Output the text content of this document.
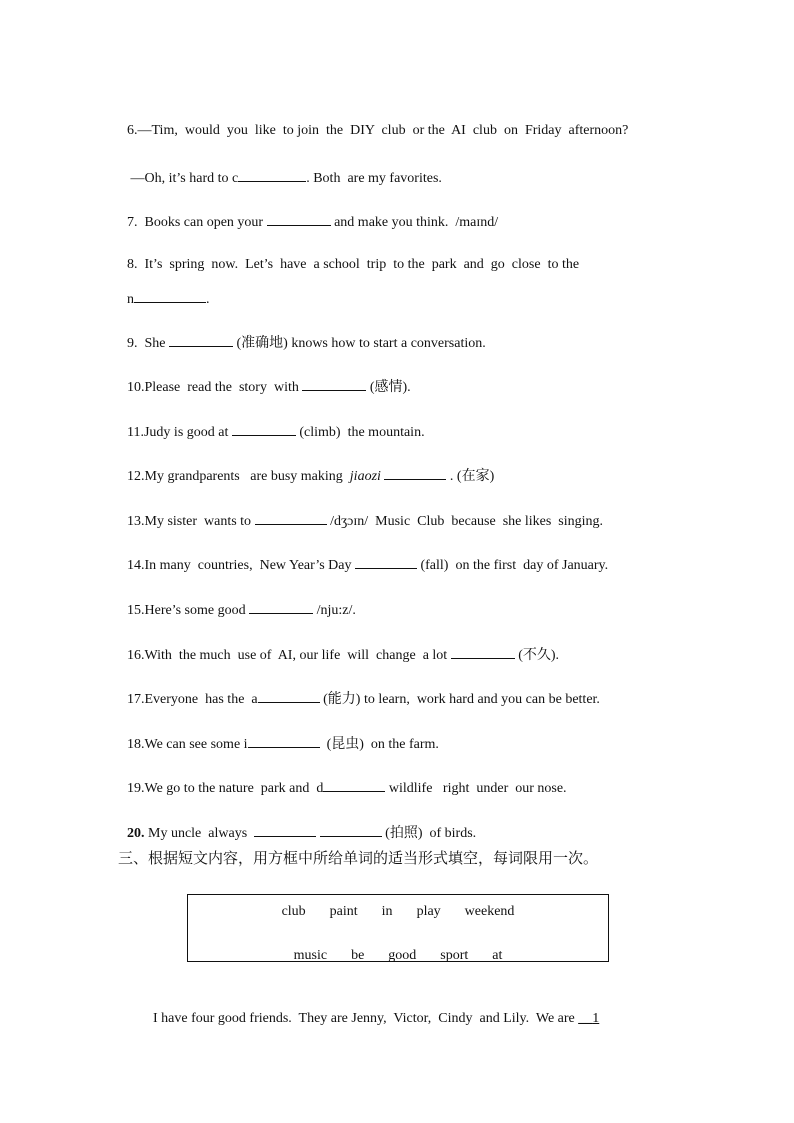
6.—Tim,  would  you  like  to join  the  DIY  club  or the  AI  club  on  Friday  afternoon?

—Oh, it’s hard to c	. Both  are my favorites.

7.  Books can open your	and make you think.  /maɪnd/

8.  It’s  spring  now.  Let’s  have  a school  trip  to the  park  and  go  close  to the

n	.

9.  She	(准确地) knows how to start a conversation.

10.Please  read the  story  with	(感情).

11.Judy is good at	(climb)  the mountain.

12.My grandparents   are busy making  jiaozi	. (在家)

13.My sister  wants to	/dʒɔɪn/  Music  Club  because  she likes  singing.

14.In many  countries,  New Year’s Day	(fall)  on the first  day of January.

15.Here’s some good	/nju:z/.

16.With  the much  use of  AI, our life  will  change  a lot	(不久).

17.Everyone  has the  a	(能力) to learn,  work hard and you can be better.

18.We can see some i	(昆虫)  on the farm.

19.We go to the nature  park and  d	wildlife   right  under  our nose.

20. My uncle  always	(拍照)  of birds.

三、根据短文内容，用方框中所给单词的适当形式填空，每词限用一次。
club paint in play weekend
music be good sport at

I have four good friends.  They are Jenny,  Victor,  Cindy  and Lily.  We are __1
